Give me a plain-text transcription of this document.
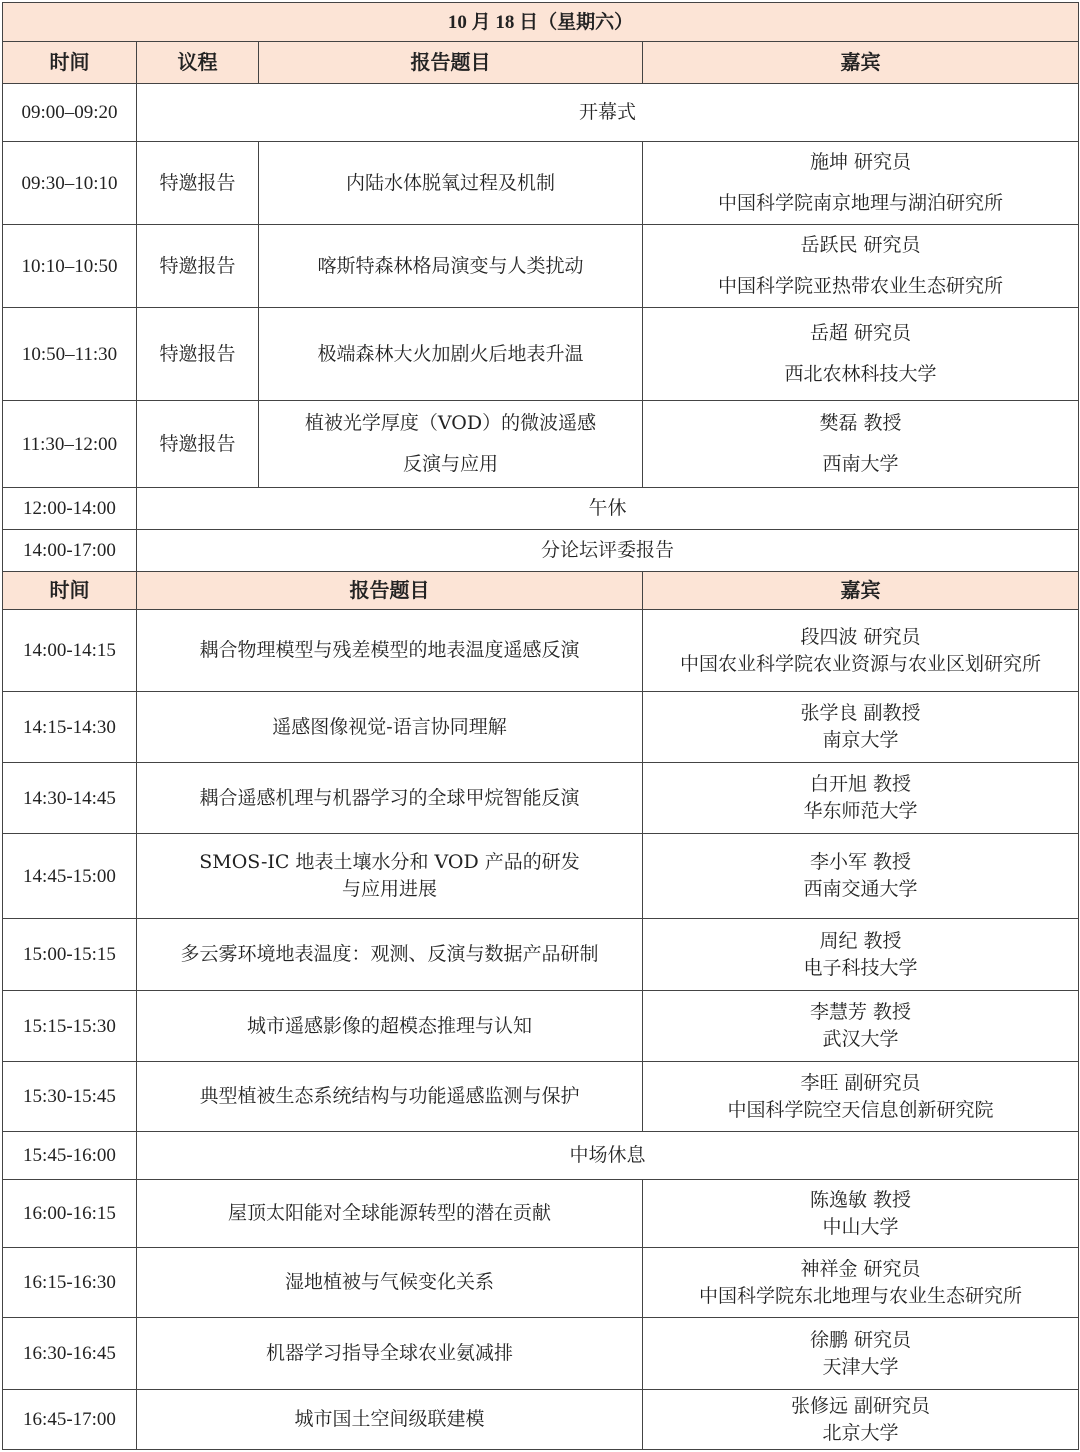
10 月 18 日（星期六）			
时间	议程	报告题目	嘉宾
09:00–09:20	开幕式		
09:30–10:10	特邀报告	内陆水体脱氧过程及机制	施坤 研究员
中国科学院南京地理与湖泊研究所

10:10–10:50	特邀报告	喀斯特森林格局演变与人类扰动	岳跃民 研究员
中国科学院亚热带农业生态研究所

10:50–11:30	特邀报告	极端森林大火加剧火后地表升温	岳超 研究员
西北农林科技大学

11:30–12:00	特邀报告	植被光学厚度（VOD）的微波遥感
反演与应用	樊磊 教授
西南大学

12:00-14:00	午休		
14:00-17:00	分论坛评委报告		
时间	报告题目		嘉宾
14:00-14:15	耦合物理模型与残差模型的地表温度遥感反演		段四波 研究员
中国农业科学院农业资源与农业区划研究所

14:15-14:30	遥感图像视觉-语言协同理解		张学良 副教授
南京大学

14:30-14:45	耦合遥感机理与机器学习的全球甲烷智能反演		白开旭 教授
华东师范大学

14:45-15:00	SMOS-IC 地表土壤水分和 VOD 产品的研发
与应用进展		李小军 教授
西南交通大学

15:00-15:15	多云雾环境地表温度：观测、反演与数据产品研制		周纪 教授
电子科技大学

15:15-15:30	城市遥感影像的超模态推理与认知		李慧芳 教授
武汉大学

15:30-15:45	典型植被生态系统结构与功能遥感监测与保护		李旺 副研究员
中国科学院空天信息创新研究院

15:45-16:00	中场休息		
16:00-16:15	屋顶太阳能对全球能源转型的潜在贡献		陈逸敏 教授
中山大学

16:15-16:30	湿地植被与气候变化关系		神祥金 研究员
中国科学院东北地理与农业生态研究所

16:30-16:45	机器学习指导全球农业氨减排		徐鹏 研究员
天津大学

16:45-17:00	城市国土空间级联建模		张修远 副研究员
北京大学
